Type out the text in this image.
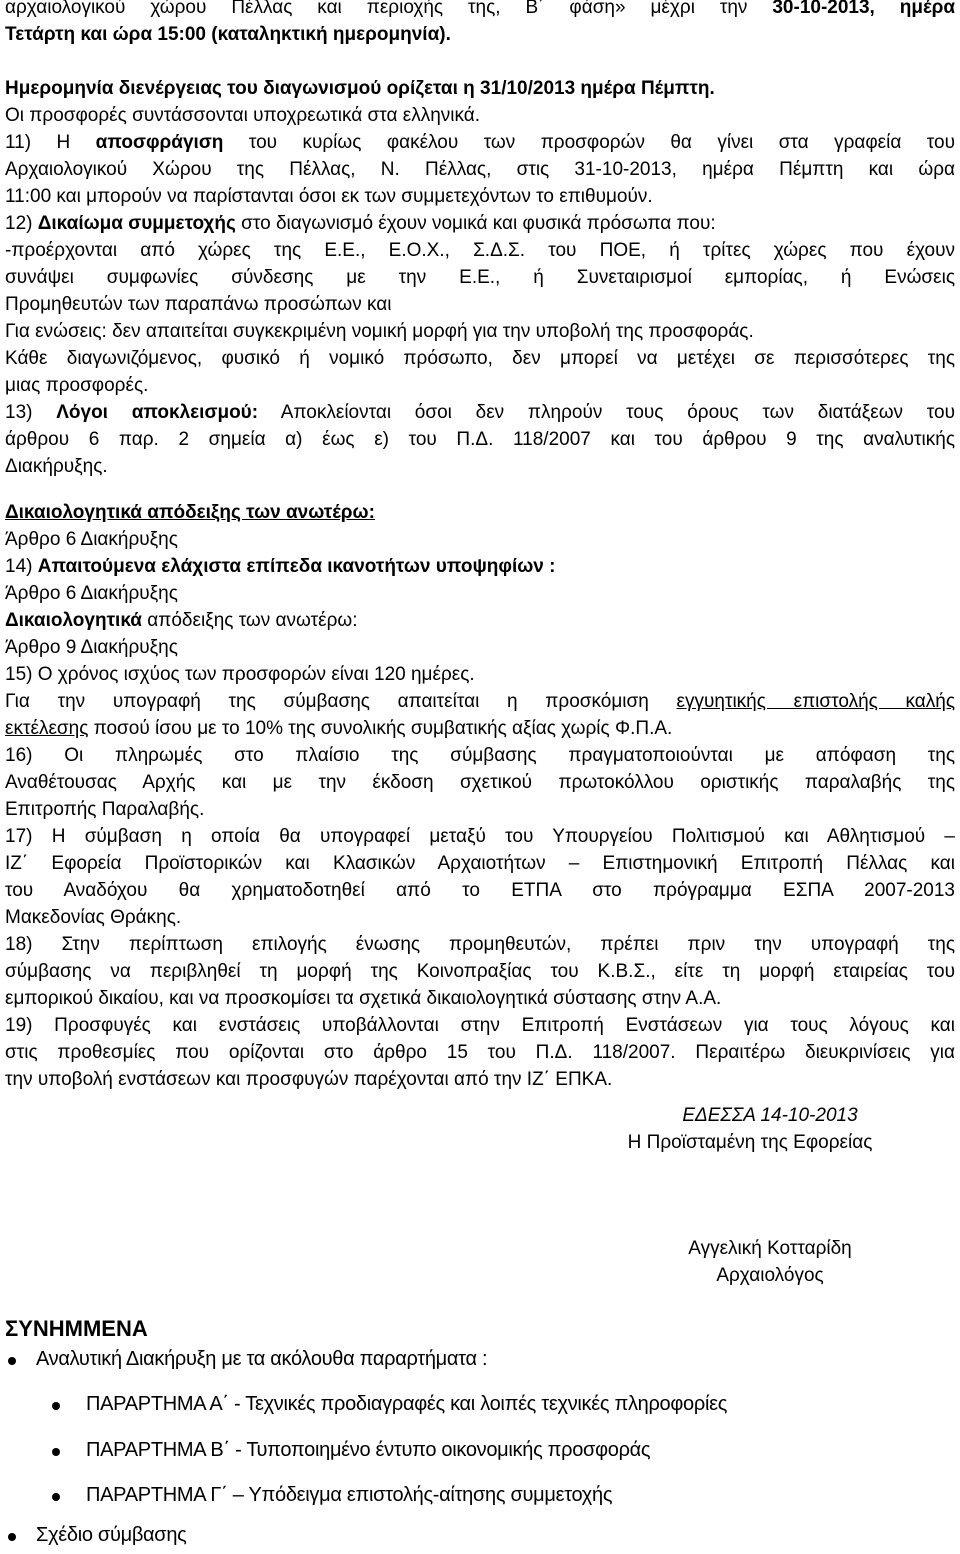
αρχαιολογικού χώρου Πέλλας και περιοχής της, Β΄ φάση» μέχρι την 30-10-2013, ημέρα
Τετάρτη και ώρα 15:00 (καταληκτική ημερομηνία).
Ημερομηνία διενέργειας του διαγωνισμού ορίζεται η 31/10/2013 ημέρα Πέμπτη.
Οι προσφορές συντάσσονται υποχρεωτικά στα ελληνικά.
11) Η αποσφράγιση του κυρίως φακέλου των προσφορών θα γίνει στα γραφεία του
Αρχαιολογικού Χώρου της Πέλλας, Ν. Πέλλας, στις 31-10-2013, ημέρα Πέμπτη και ώρα
11:00 και μπορούν να παρίστανται όσοι εκ των συμμετεχόντων το επιθυμούν.
12) Δικαίωμα συμμετοχής στο διαγωνισμό έχουν νομικά και φυσικά πρόσωπα που:
-προέρχονται από χώρες της Ε.Ε., Ε.Ο.Χ., Σ.Δ.Σ. του ΠΟΕ, ή τρίτες χώρες που έχουν
συνάψει συμφωνίες σύνδεσης με την Ε.Ε., ή Συνεταιρισμοί εμπορίας, ή Ενώσεις
Προμηθευτών των παραπάνω προσώπων και
Για ενώσεις: δεν απαιτείται συγκεκριμένη νομική μορφή για την υποβολή της προσφοράς.
Κάθε διαγωνιζόμενος, φυσικό ή νομικό πρόσωπο, δεν μπορεί να μετέχει σε περισσότερες της
μιας προσφορές.
13) Λόγοι αποκλεισμού: Αποκλείονται όσοι δεν πληρούν τους όρους των διατάξεων του
άρθρου 6 παρ. 2 σημεία α) έως ε) του Π.Δ. 118/2007 και του άρθρου 9 της αναλυτικής
Διακήρυξης.
Δικαιολογητικά απόδειξης των ανωτέρω:
Άρθρο 6 Διακήρυξης
14) Απαιτούμενα ελάχιστα επίπεδα ικανοτήτων υποψηφίων :
Άρθρο 6 Διακήρυξης
Δικαιολογητικά απόδειξης των ανωτέρω:
Άρθρο 9 Διακήρυξης
15) Ο χρόνος ισχύος των προσφορών είναι 120 ημέρες.
Για την υπογραφή της σύμβασης απαιτείται η προσκόμιση εγγυητικής επιστολής καλής
εκτέλεσης ποσού ίσου με το 10% της συνολικής συμβατικής αξίας χωρίς Φ.Π.Α.
16) Οι πληρωμές στο πλαίσιο της σύμβασης πραγματοποιούνται με απόφαση της
Αναθέτουσας Αρχής και με την έκδοση σχετικού πρωτοκόλλου οριστικής παραλαβής της
Επιτροπής Παραλαβής.
17) Η σύμβαση η οποία θα υπογραφεί μεταξύ του Υπουργείου Πολιτισμού και Αθλητισμού –
ΙΖ΄ Εφορεία Προϊστορικών και Κλασικών Αρχαιοτήτων – Επιστημονική Επιτροπή Πέλλας και
του Αναδόχου θα χρηματοδοτηθεί από το ΕΤΠΑ στο πρόγραμμα ΕΣΠΑ 2007-2013
Μακεδονίας Θράκης.
18) Στην περίπτωση επιλογής ένωσης προμηθευτών, πρέπει πριν την υπογραφή της
σύμβασης να περιβληθεί τη μορφή της Κοινοπραξίας του Κ.Β.Σ., είτε τη μορφή εταιρείας του
εμπορικού δικαίου, και να προσκομίσει τα σχετικά δικαιολογητικά σύστασης στην Α.Α.
19) Προσφυγές και ενστάσεις υποβάλλονται στην Επιτροπή Ενστάσεων για τους λόγους και
στις προθεσμίες που ορίζονται στο άρθρο 15 του Π.Δ. 118/2007. Περαιτέρω διευκρινίσεις για
την υποβολή ενστάσεων και προσφυγών παρέχονται από την ΙΖ΄ ΕΠΚΑ.
ΕΔΕΣΣΑ 14-10-2013
Η Προϊσταμένη της Εφορείας
Αγγελική Κοτταρίδη
Αρχαιολόγος
ΣΥΝΗΜΜΕΝΑ
Αναλυτική Διακήρυξη με τα ακόλουθα παραρτήματα :
ΠΑΡΑΡΤΗΜΑ Α΄ - Τεχνικές προδιαγραφές και λοιπές τεχνικές πληροφορίες
ΠΑΡΑΡΤΗΜΑ Β΄ - Τυποποιημένο έντυπο οικονομικής προσφοράς
ΠΑΡΑΡΤΗΜΑ Γ΄ – Υπόδειγμα επιστολής-αίτησης συμμετοχής
Σχέδιο σύμβασης
